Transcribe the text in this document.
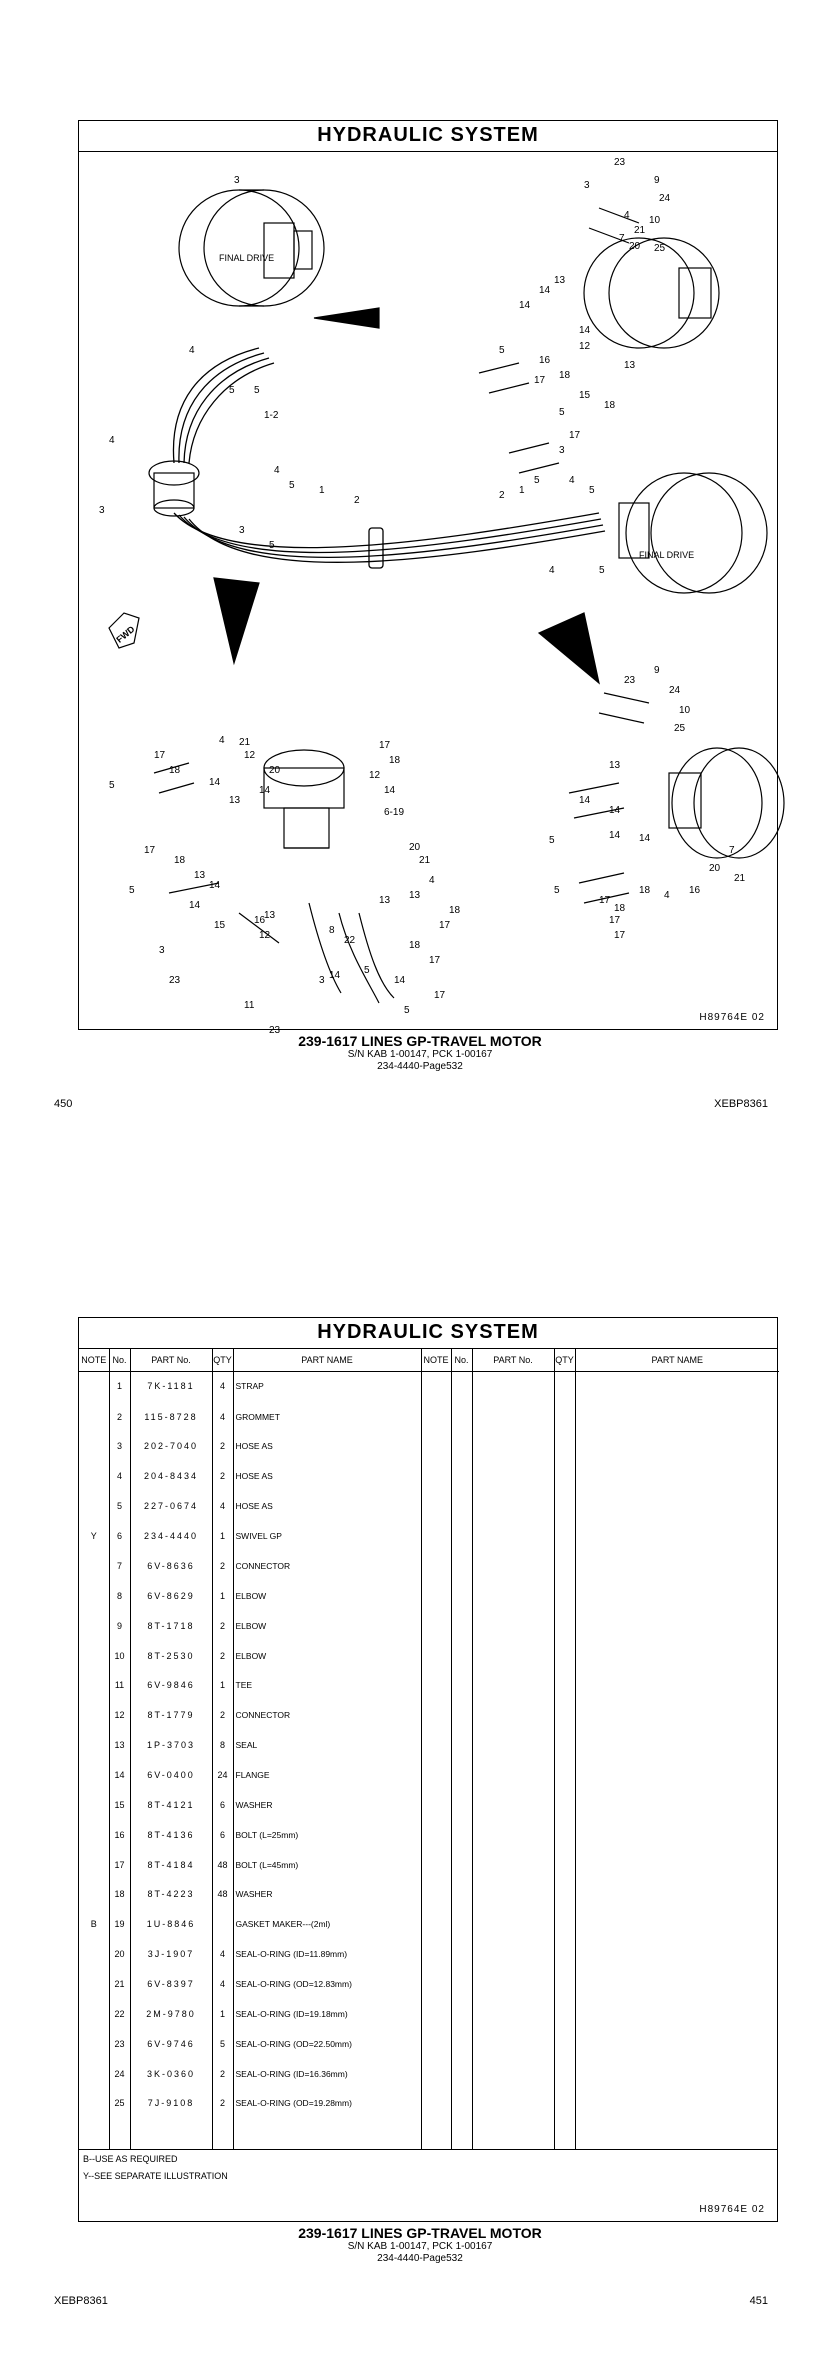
HYDRAULIC SYSTEM
FINAL DRIVE
FINAL DRIVE
FWD
3
4
5 5
1-2
4
4
5 1
2
3
3
5
23
9
3
24
4 10
21
7
20 25
14
13
14
5
14
12
16
17 18
13
15
18
5
17
3
5	4
5
2 1
4	5
9
23
24
10
25
13
14
14
14 14
5
7
20
21
5
17
18
17
18 4 16
17
17
18
12
14
6-19
20
21
4
13
13
18
17
22	18
17
5
14	14
17
5
4 21
12
20
17
18
14
14
13
5
17
18
13
14
14
13
15	16
5
12	8
3
23
11
23
3
H89764E 02
239-1617 LINES GP-TRAVEL MOTOR
S/N KAB 1-00147, PCK 1-00167
234-4440-Page532
450	XEBP8361
HYDRAULIC SYSTEM
NOTE	No.	PART No.	QTY	PART NAME	NOTE	No.	PART No.	QTY	PART NAME
	1	7K-1181	4	STRAP					
	2	115-8728	4	GROMMET					
	3	202-7040	2	HOSE AS					
	4	204-8434	2	HOSE AS					
	5	227-0674	4	HOSE AS					
Y	6	234-4440	1	SWIVEL GP					
	7	6V-8636	2	CONNECTOR					
	8	6V-8629	1	ELBOW					
	9	8T-1718	2	ELBOW					
	10	8T-2530	2	ELBOW					
	11	6V-9846	1	TEE					
	12	8T-1779	2	CONNECTOR					
	13	1P-3703	8	SEAL					
	14	6V-0400	24	FLANGE					
	15	8T-4121	6	WASHER					
	16	8T-4136	6	BOLT (L=25mm)					
	17	8T-4184	48	BOLT (L=45mm)					
	18	8T-4223	48	WASHER					
B	19	1U-8846		GASKET MAKER---(2ml)					
	20	3J-1907	4	SEAL-O-RING (ID=11.89mm)					
	21	6V-8397	4	SEAL-O-RING (OD=12.83mm)					
	22	2M-9780	1	SEAL-O-RING (ID=19.18mm)					
	23	6V-9746	5	SEAL-O-RING (OD=22.50mm)					
	24	3K-0360	2	SEAL-O-RING (ID=16.36mm)					
	25	7J-9108	2	SEAL-O-RING (OD=19.28mm)					

B--USE AS REQUIRED
Y--SEE SEPARATE ILLUSTRATION
H89764E 02
239-1617 LINES GP-TRAVEL MOTOR
S/N KAB 1-00147, PCK 1-00167
234-4440-Page532
XEBP8361	451
